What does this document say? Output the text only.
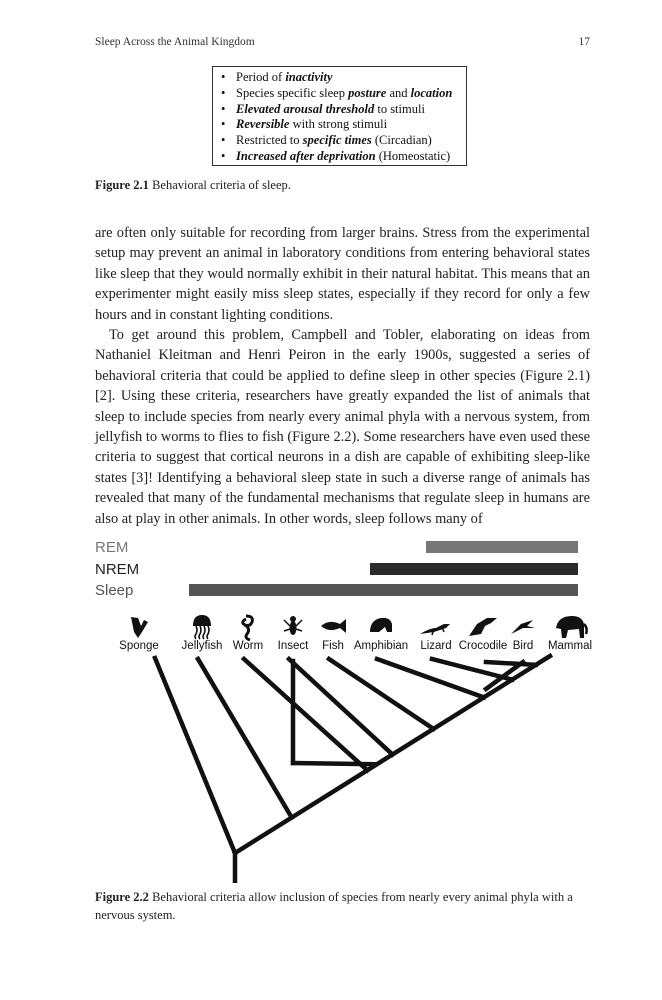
Sleep Across the Animal Kingdom	17
• Period of inactivity
• Species specific sleep posture and location
• Elevated arousal threshold to stimuli
• Reversible with strong stimuli
• Restricted to specific times (Circadian)
• Increased after deprivation (Homeostatic)
Figure 2.1 Behavioral criteria of sleep.

are often only suitable for recording from larger brains. Stress from the experimental setup may prevent an animal in laboratory conditions from entering behavioral states like sleep that they would normally exhibit in their natural habitat. This means that an experimenter might easily miss sleep states, especially if they record for only a few hours and in constant lighting conditions.

To get around this problem, Campbell and Tobler, elaborating on ideas from Nathaniel Kleitman and Henri Peiron in the early 1900s, suggested a series of behavioral criteria that could be applied to define sleep in other species (Figure 2.1) [2]. Using these criteria, researchers have greatly expanded the list of animals that sleep to include species from nearly every animal phyla with a nervous system, from jellyfish to worms to flies to fish (Figure 2.2). Some researchers have even used these criteria to suggest that cortical neurons in a dish are capable of exhibiting sleep-like states [3]! Identifying a behavioral sleep state in such a diverse range of animals has revealed that many of the fundamental mechanisms that regulate sleep in humans are also at play in other animals. In other words, sleep follows many of

REM
NREM
Sleep
Sponge Jellyfish Worm Insect Fish Amphibian Lizard Crocodile Bird Mammal
Figure 2.2 Behavioral criteria allow inclusion of species from nearly every animal phyla with a nervous system.
